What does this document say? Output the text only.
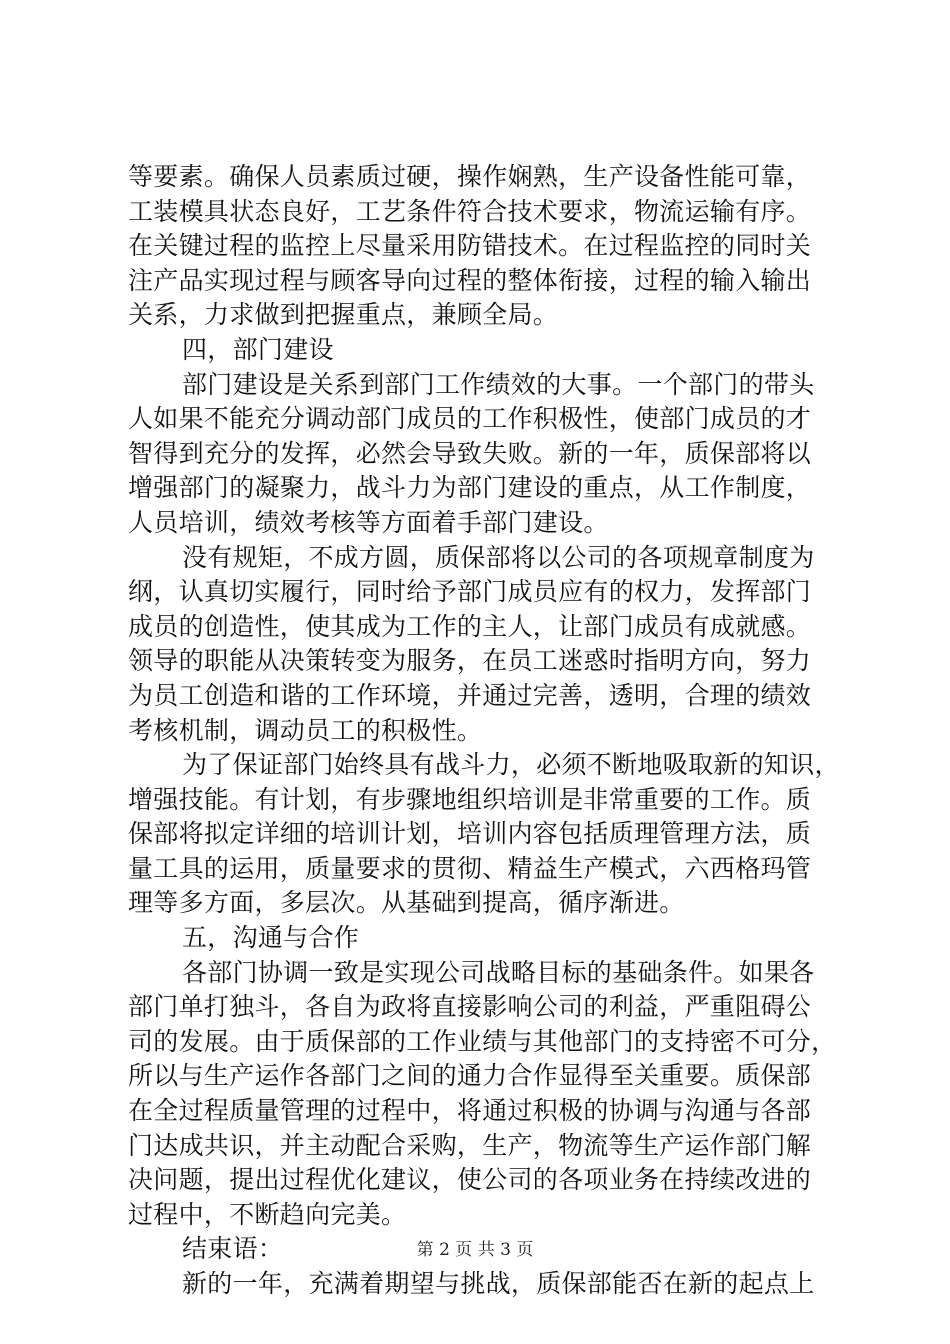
等要素。确保人员素质过硬，操作娴熟，生产设备性能可靠，
工装模具状态良好，工艺条件符合技术要求，物流运输有序。
在关键过程的监控上尽量采用防错技术。在过程监控的同时关
注产品实现过程与顾客导向过程的整体衔接，过程的输入输出
关系，力求做到把握重点，兼顾全局。
四，部门建设
部门建设是关系到部门工作绩效的大事。一个部门的带头
人如果不能充分调动部门成员的工作积极性，使部门成员的才
智得到充分的发挥，必然会导致失败。新的一年，质保部将以
增强部门的凝聚力，战斗力为部门建设的重点，从工作制度，
人员培训，绩效考核等方面着手部门建设。
没有规矩，不成方圆，质保部将以公司的各项规章制度为
纲，认真切实履行，同时给予部门成员应有的权力，发挥部门
成员的创造性，使其成为工作的主人，让部门成员有成就感。
领导的职能从决策转变为服务，在员工迷惑时指明方向，努力
为员工创造和谐的工作环境，并通过完善，透明，合理的绩效
考核机制，调动员工的积极性。
为了保证部门始终具有战斗力，必须不断地吸取新的知识，
增强技能。有计划，有步骤地组织培训是非常重要的工作。质
保部将拟定详细的培训计划，培训内容包括质理管理方法，质
量工具的运用，质量要求的贯彻、精益生产模式，六西格玛管
理等多方面，多层次。从基础到提高，循序渐进。
五，沟通与合作
各部门协调一致是实现公司战略目标的基础条件。如果各
部门单打独斗，各自为政将直接影响公司的利益，严重阻碍公
司的发展。由于质保部的工作业绩与其他部门的支持密不可分，
所以与生产运作各部门之间的通力合作显得至关重要。质保部
在全过程质量管理的过程中，将通过积极的协调与沟通与各部
门达成共识，并主动配合采购，生产，物流等生产运作部门解
决问题，提出过程优化建议，使公司的各项业务在持续改进的
过程中，不断趋向完美。
结束语：
新的一年，充满着期望与挑战，质保部能否在新的起点上
第 2 页 共 3 页
